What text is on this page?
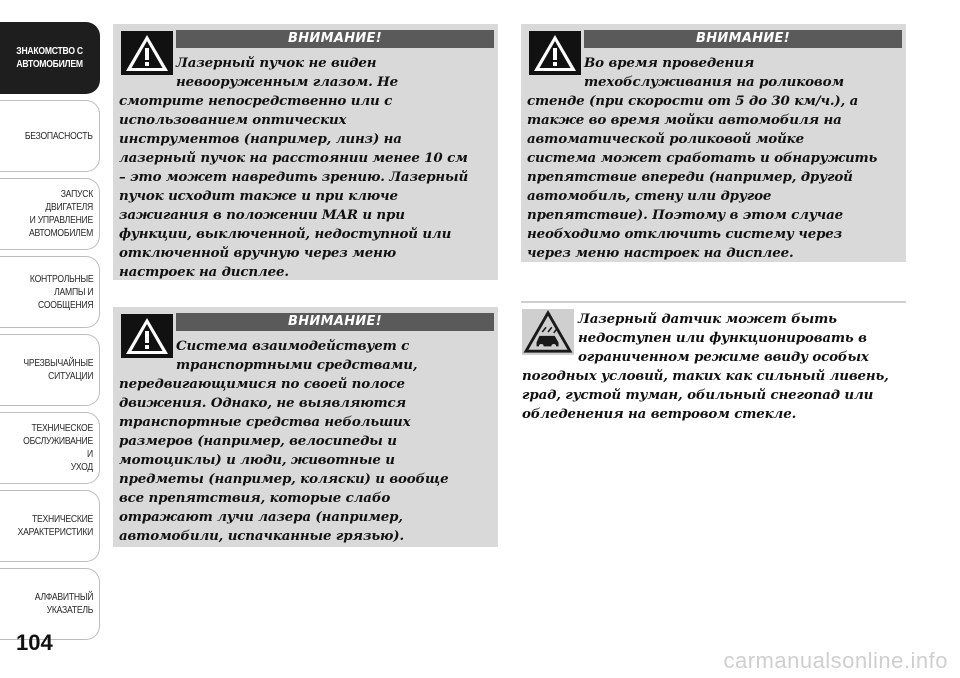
ЗНАКОМСТВО С
АВТОМОБИЛЕМ
БЕЗОПАСНОСТЬ
ЗАПУСК ДВИГАТЕЛЯ
И УПРАВЛЕНИЕ
АВТОМОБИЛЕМ
КОНТРОЛЬНЫЕ
ЛАМПЫ И
СООБЩЕНИЯ
ЧРЕЗВЫЧАЙНЫЕ
СИТУАЦИИ
ТЕХНИЧЕСКОЕ
ОБСЛУЖИВАНИЕ И
УХОД
ТЕХНИЧЕСКИЕ
ХАРАКТЕРИСТИКИ
АЛФАВИТНЫЙ
УКАЗАТЕЛЬ
104
ВНИМАНИЕ!
Лазерный пучок не виден
невооруженным глазом. Не
смотрите непосредственно или с
использованием оптических
инструментов (например, линз) на
лазерный пучок на расстоянии менее 10 см
– это может навредить зрению. Лазерный
пучок исходит также и при ключе
зажигания в положении MAR и при
функции, выключенной, недоступной или
отключенной вручную через меню
настроек на дисплее.
ВНИМАНИЕ!
Система взаимодействует с
транспортными средствами,
передвигающимися по своей полосе
движения. Однако, не выявляются
транспортные средства небольших
размеров (например, велосипеды и
мотоциклы) и люди, животные и
предметы (например, коляски) и вообще
все препятствия, которые слабо
отражают лучи лазера (например,
автомобили, испачканные грязью).
ВНИМАНИЕ!
Во время проведения
техобслуживания на роликовом
стенде (при скорости от 5 до 30 км/ч.), а
также во время мойки автомобиля на
автоматической роликовой мойке
система может сработать и обнаружить
препятствие впереди (например, другой
автомобиль, стену или другое
препятствие). Поэтому в этом случае
необходимо отключить систему через
через меню настроек на дисплее.
Лазерный датчик может быть
недоступен или функционировать в
ограниченном режиме ввиду особых
погодных условий, таких как сильный ливень,
град, густой туман, обильный снегопад или
обледенения на ветровом стекле.
carmanualsonline.info
